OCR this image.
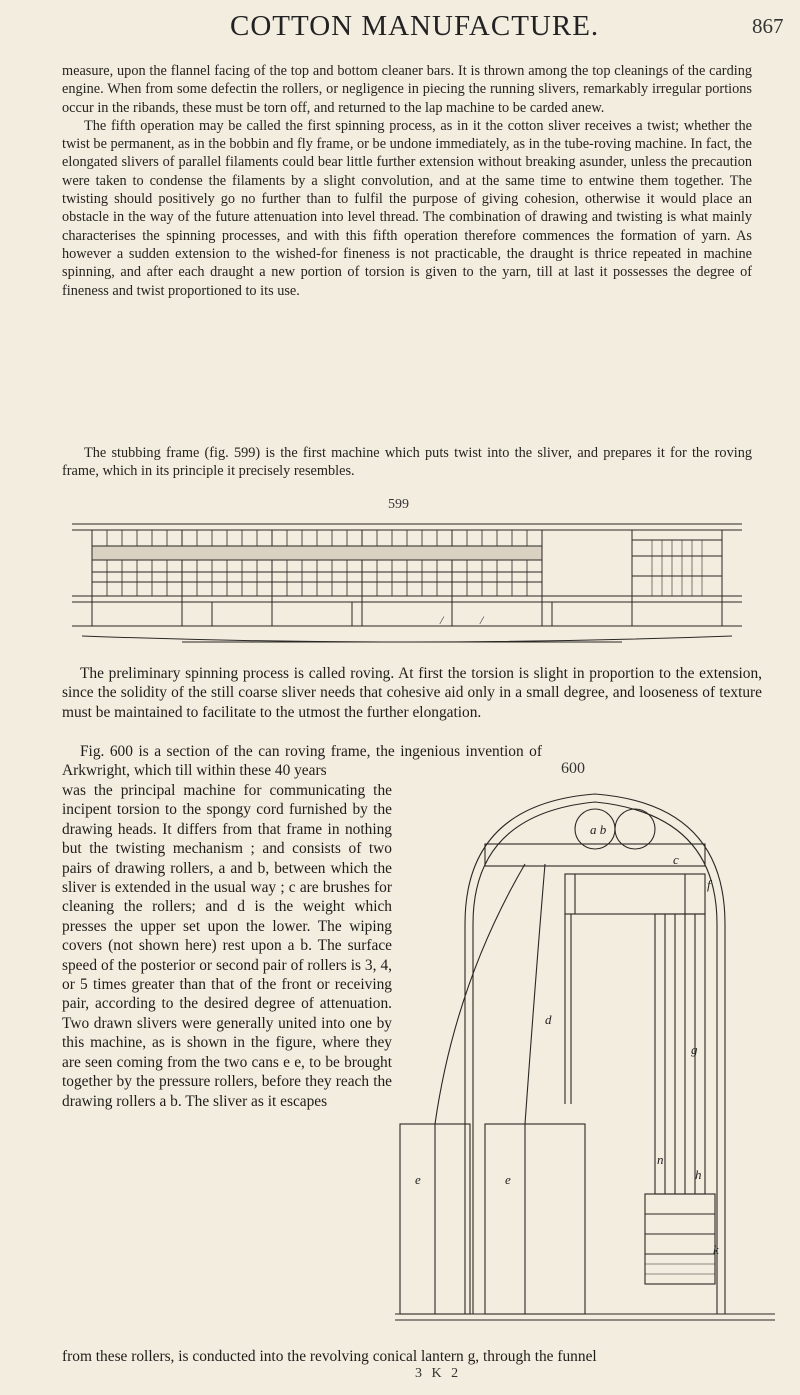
COTTON MANUFACTURE.	867

measure, upon the flannel facing of the top and bottom cleaner bars. It is thrown among the top cleanings of the carding engine. When from some defectin the rollers, or negligence in piecing the running slivers, remarkably irregular portions occur in the ribands, these must be torn off, and returned to the lap machine to be carded anew.

The fifth operation may be called the first spinning process, as in it the cotton sliver receives a twist; whether the twist be permanent, as in the bobbin and fly frame, or be undone immediately, as in the tube-roving machine. In fact, the elongated slivers of parallel filaments could bear little further extension without breaking asunder, unless the precaution were taken to condense the filaments by a slight convolution, and at the same time to entwine them together. The twisting should positively go no further than to fulfil the purpose of giving cohesion, otherwise it would place an obstacle in the way of the future attenuation into level thread. The combination of drawing and twisting is what mainly characterises the spinning processes, and with this fifth operation therefore commences the formation of yarn. As however a sudden extension to the wished-for fineness is not practicable, the draught is thrice repeated in machine spinning, and after each draught a new portion of torsion is given to the yarn, till at last it possesses the degree of fineness and twist proportioned to its use.

The stubbing frame (fig. 599) is the first machine which puts twist into the sliver, and prepares it for the roving frame, which in its principle it precisely resembles.

599
/	/

The preliminary spinning process is called roving. At first the torsion is slight in proportion to the extension, since the solidity of the still coarse sliver needs that cohesive aid only in a small degree, and looseness of texture must be maintained to facilitate to the utmost the further elongation.

Fig. 600 is a section of the can roving frame, the ingenious invention of Arkwright, which till within these 40 years	600

was the principal machine for communicating the incipent torsion to the spongy cord furnished by the drawing heads. It differs from that frame in nothing but the twisting mechanism ; and consists of two pairs of drawing rollers, a and b, between which the sliver is extended in the usual way ; c are brushes for cleaning the rollers; and d is the weight which presses the upper set upon the lower. The wiping covers (not shown here) rest upon a b. The surface speed of the posterior or second pair of rollers is 3, 4, or 5 times greater than that of the front or receiving pair, according to the desired degree of attenuation. Two drawn slivers were generally united into one by this machine, as is shown in the figure, where they are seen coming from the two cans e e, to be brought together by the pressure rollers, before they reach the drawing rollers a b. The sliver as it escapes

a b
c
f
d
g
e	e
n
h
k
from these rollers, is conducted into the revolving conical lantern g, through the funnel
3 K 2
